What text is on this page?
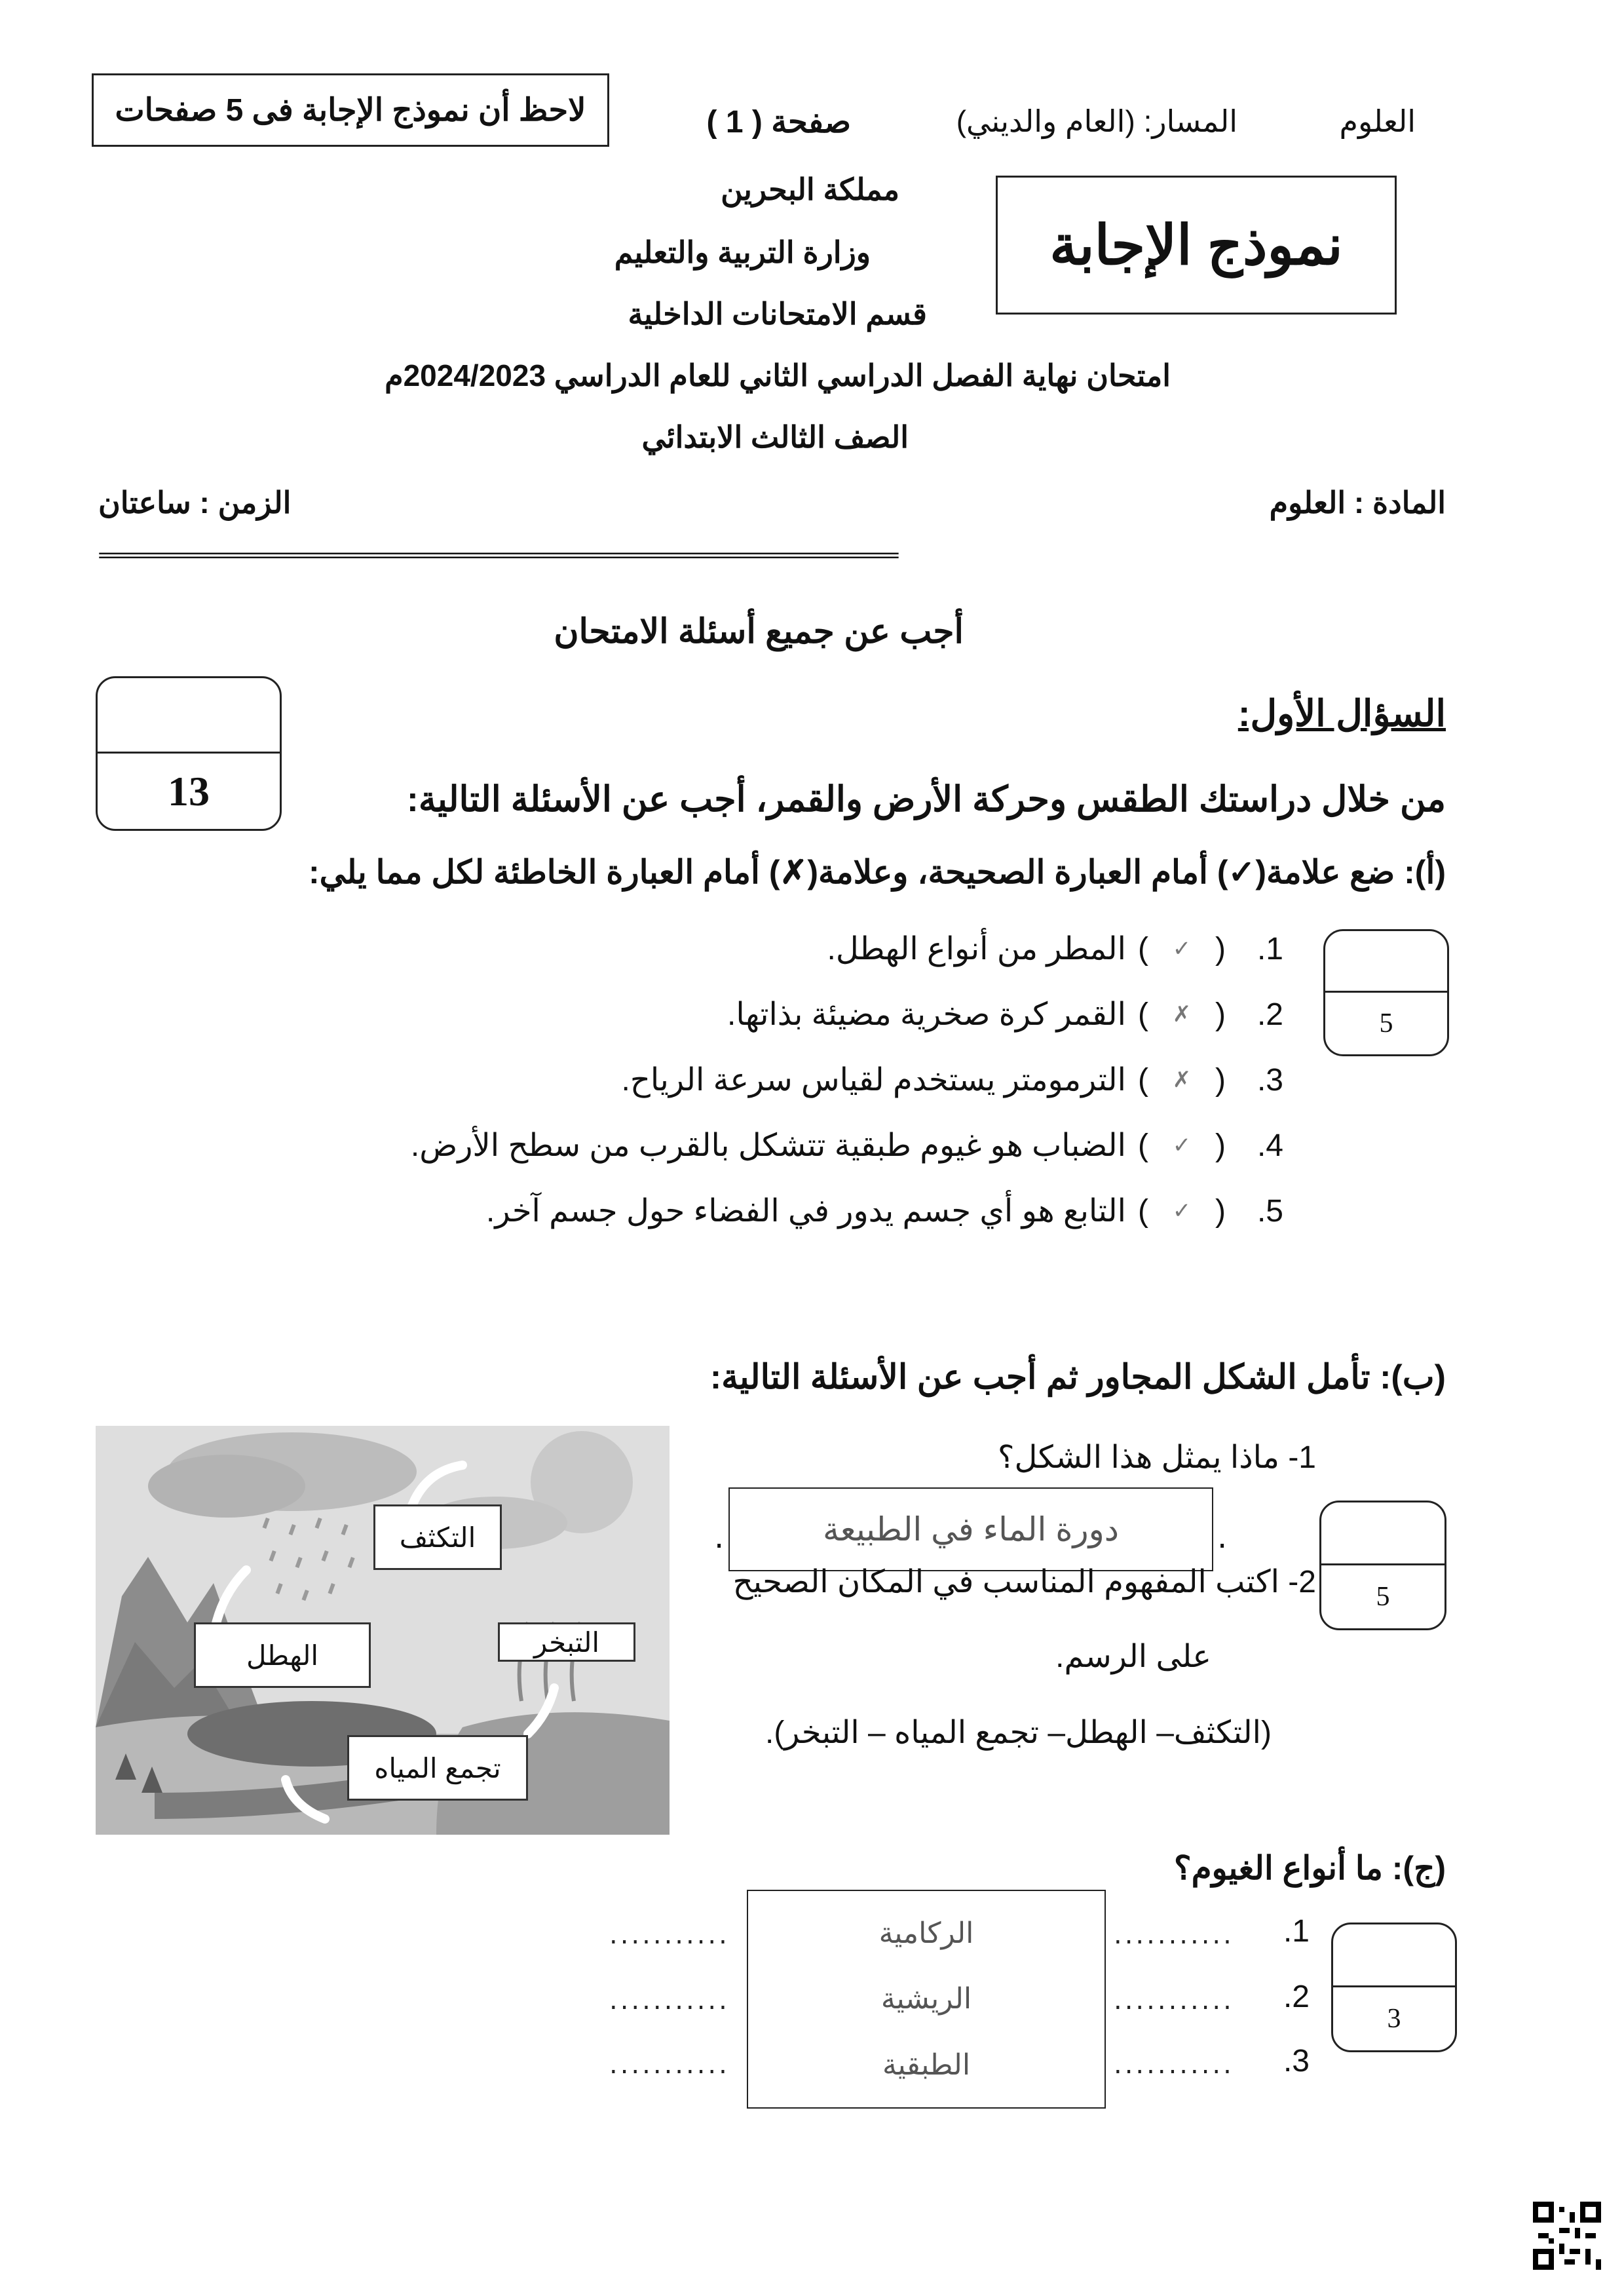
العلوم
المسار: (العام والديني)
صفحة ( 1 )
لاحظ أن نموذج الإجابة فى 5 صفحات
نموذج الإجابة
مملكة البحرين
وزارة التربية والتعليم
قسم الامتحانات الداخلية
امتحان نهاية الفصل الدراسي الثاني للعام الدراسي 2024/2023م
الصف الثالث الابتدائي
المادة : العلوم
الزمن : ساعتان
=================================================================================
أجب عن جميع أسئلة الامتحان
السؤال الأول:
13	من خلال دراستك الطقس وحركة الأرض والقمر، أجب عن الأسئلة التالية:
(أ): ضع علامة(✓) أمام العبارة الصحيحة، وعلامة(✗) أمام العبارة الخاطئة لكل مما يلي:
5
1.
(
✓
)
المطر من أنواع الهطل.
2.
(
✗
)
القمر كرة صخرية مضيئة بذاتها.
3.
(
✗
)
الترمومتر يستخدم لقياس سرعة الرياح.
4.
(
✓
)
الضباب هو غيوم طبقية تتشكل بالقرب من سطح الأرض.
5.
(
✓
)
التابع هو أي جسم يدور في الفضاء حول جسم آخر.
(ب): تأمل الشكل المجاور ثم أجب عن الأسئلة التالية:
التكثف
الهطل	التبخر
تجمع المياه
5
1- ماذا يمثل هذا الشكل؟
.
دورة الماء في الطبيعة
.
2- اكتب المفهوم المناسب في المكان الصحيح
على الرسم.
(التكثف– الهطل– تجمع المياه – التبخر).
(ج): ما أنواع الغيوم؟
3
1.
2.
3.
...........
...........
...........
...........
...........
...........
الركامية
الريشية
الطبقية
